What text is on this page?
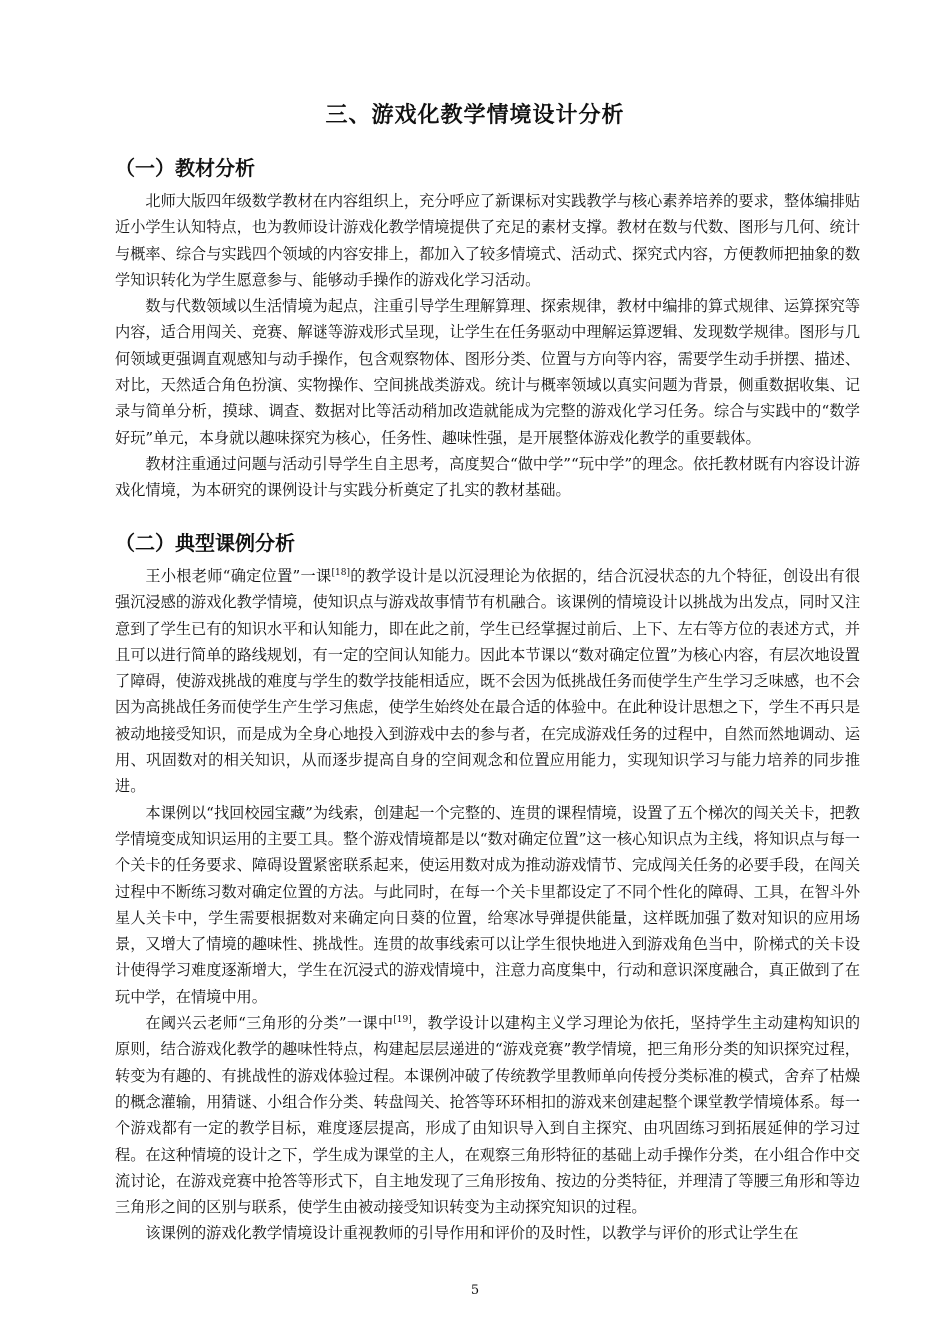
三、游戏化教学情境设计分析
（一）教材分析

北师大版四年级数学教材在内容组织上，充分呼应了新课标对实践教学与核心素养培养的要求，整体编排贴近小学生认知特点，也为教师设计游戏化教学情境提供了充足的素材支撑。教材在数与代数、图形与几何、统计与概率、综合与实践四个领域的内容安排上，都加入了较多情境式、活动式、探究式内容，方便教师把抽象的数学知识转化为学生愿意参与、能够动手操作的游戏化学习活动。

数与代数领域以生活情境为起点，注重引导学生理解算理、探索规律，教材中编排的算式规律、运算探究等内容，适合用闯关、竞赛、解谜等游戏形式呈现，让学生在任务驱动中理解运算逻辑、发现数学规律。图形与几何领域更强调直观感知与动手操作，包含观察物体、图形分类、位置与方向等内容，需要学生动手拼摆、描述、对比，天然适合角色扮演、实物操作、空间挑战类游戏。统计与概率领域以真实问题为背景，侧重数据收集、记录与简单分析，摸球、调查、数据对比等活动稍加改造就能成为完整的游戏化学习任务。综合与实践中的“数学好玩”单元，本身就以趣味探究为核心，任务性、趣味性强，是开展整体游戏化教学的重要载体。

教材注重通过问题与活动引导学生自主思考，高度契合“做中学”“玩中学”的理念。依托教材既有内容设计游戏化情境，为本研究的课例设计与实践分析奠定了扎实的教材基础。

（二）典型课例分析

王小根老师“确定位置”一课[18]的教学设计是以沉浸理论为依据的，结合沉浸状态的九个特征，创设出有很强沉浸感的游戏化教学情境，使知识点与游戏故事情节有机融合。该课例的情境设计以挑战为出发点，同时又注意到了学生已有的知识水平和认知能力，即在此之前，学生已经掌握过前后、上下、左右等方位的表述方式，并且可以进行简单的路线规划，有一定的空间认知能力。因此本节课以“数对确定位置”为核心内容，有层次地设置了障碍，使游戏挑战的难度与学生的数学技能相适应，既不会因为低挑战任务而使学生产生学习乏味感，也不会因为高挑战任务而使学生产生学习焦虑，使学生始终处在最合适的体验中。在此种设计思想之下，学生不再只是被动地接受知识，而是成为全身心地投入到游戏中去的参与者，在完成游戏任务的过程中，自然而然地调动、运用、巩固数对的相关知识，从而逐步提高自身的空间观念和位置应用能力，实现知识学习与能力培养的同步推进。

本课例以“找回校园宝藏”为线索，创建起一个完整的、连贯的课程情境，设置了五个梯次的闯关关卡，把教学情境变成知识运用的主要工具。整个游戏情境都是以“数对确定位置”这一核心知识点为主线，将知识点与每一个关卡的任务要求、障碍设置紧密联系起来，使运用数对成为推动游戏情节、完成闯关任务的必要手段，在闯关过程中不断练习数对确定位置的方法。与此同时，在每一个关卡里都设定了不同个性化的障碍、工具，在智斗外星人关卡中，学生需要根据数对来确定向日葵的位置，给寒冰导弹提供能量，这样既加强了数对知识的应用场景，又增大了情境的趣味性、挑战性。连贯的故事线索可以让学生很快地进入到游戏角色当中，阶梯式的关卡设计使得学习难度逐渐增大，学生在沉浸式的游戏情境中，注意力高度集中，行动和意识深度融合，真正做到了在玩中学，在情境中用。

在阈兴云老师“三角形的分类”一课中[19]，教学设计以建构主义学习理论为依托，坚持学生主动建构知识的原则，结合游戏化教学的趣味性特点，构建起层层递进的“游戏竞赛”教学情境，把三角形分类的知识探究过程，转变为有趣的、有挑战性的游戏体验过程。本课例冲破了传统教学里教师单向传授分类标准的模式，舍弃了枯燥的概念灌输，用猜谜、小组合作分类、转盘闯关、抢答等环环相扣的游戏来创建起整个课堂教学情境体系。每一个游戏都有一定的教学目标，难度逐层提高，形成了由知识导入到自主探究、由巩固练习到拓展延伸的学习过程。在这种情境的设计之下，学生成为课堂的主人，在观察三角形特征的基础上动手操作分类，在小组合作中交流讨论，在游戏竞赛中抢答等形式下，自主地发现了三角形按角、按边的分类特征，并理清了等腰三角形和等边三角形之间的区别与联系，使学生由被动接受知识转变为主动探究知识的过程。

该课例的游戏化教学情境设计重视教师的引导作用和评价的及时性，以教学与评价的形式让学生在

5
